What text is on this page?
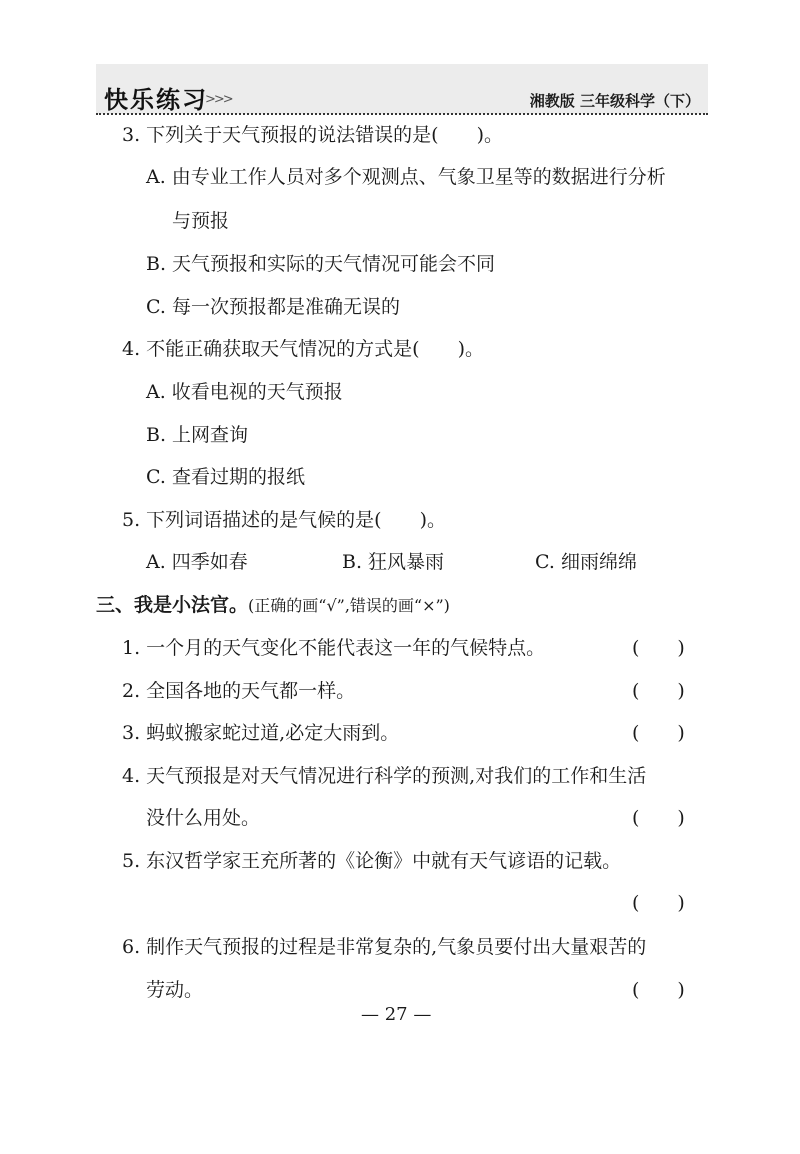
快乐练习
>>>	湘教版 三年级科学（下）
3. 下列关于天气预报的说法错误的是(　　)。
A. 由专业工作人员对多个观测点、气象卫星等的数据进行分析
与预报
B. 天气预报和实际的天气情况可能会不同
C. 每一次预报都是准确无误的
4. 不能正确获取天气情况的方式是(　　)。
A. 收看电视的天气预报
B. 上网查询
C. 查看过期的报纸
5. 下列词语描述的是气候的是(　　)。
A. 四季如春	B. 狂风暴雨	C. 细雨绵绵
三、我是小法官。(正确的画“√”,错误的画“×”)
1. 一个月的天气变化不能代表这一年的气候特点。	(　　)
2. 全国各地的天气都一样。	(　　)
3. 蚂蚁搬家蛇过道,必定大雨到。	(　　)
4. 天气预报是对天气情况进行科学的预测,对我们的工作和生活
没什么用处。	(　　)
5. 东汉哲学家王充所著的《论衡》中就有天气谚语的记载。
(　　)
6. 制作天气预报的过程是非常复杂的,气象员要付出大量艰苦的
劳动。	(　　)
— 27 —
